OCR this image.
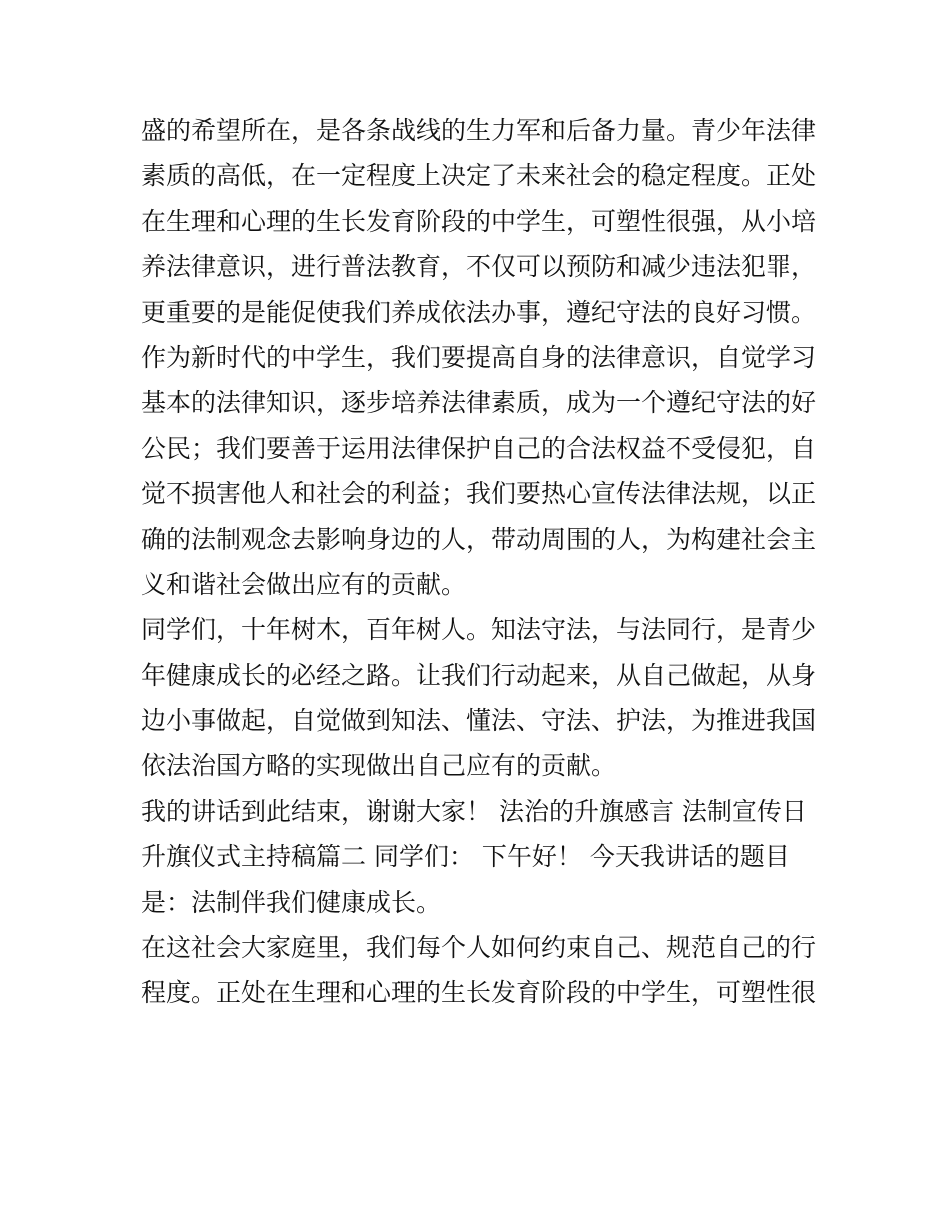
盛的希望所在，是各条战线的生力军和后备力量。青少年法律
素质的高低，在一定程度上决定了未来社会的稳定程度。正处
在生理和心理的生长发育阶段的中学生，可塑性很强，从小培
养法律意识，进行普法教育，不仅可以预防和减少违法犯罪，
更重要的是能促使我们养成依法办事，遵纪守法的良好习惯。
作为新时代的中学生，我们要提高自身的法律意识，自觉学习
基本的法律知识，逐步培养法律素质，成为一个遵纪守法的好
公民；我们要善于运用法律保护自己的合法权益不受侵犯，自
觉不损害他人和社会的利益；我们要热心宣传法律法规，以正
确的法制观念去影响身边的人，带动周围的人，为构建社会主
义和谐社会做出应有的贡献。
同学们，十年树木，百年树人。知法守法，与法同行，是青少
年健康成长的必经之路。让我们行动起来，从自己做起，从身
边小事做起，自觉做到知法、懂法、守法、护法，为推进我国
依法治国方略的实现做出自己应有的贡献。
我的讲话到此结束，谢谢大家！ 法治的升旗感言 法制宣传日
升旗仪式主持稿篇二 同学们： 下午好！ 今天我讲话的题目
是：法制伴我们健康成长。
在这社会大家庭里，我们每个人如何约束自己、规范自己的行
程度。正处在生理和心理的生长发育阶段的中学生，可塑性很
